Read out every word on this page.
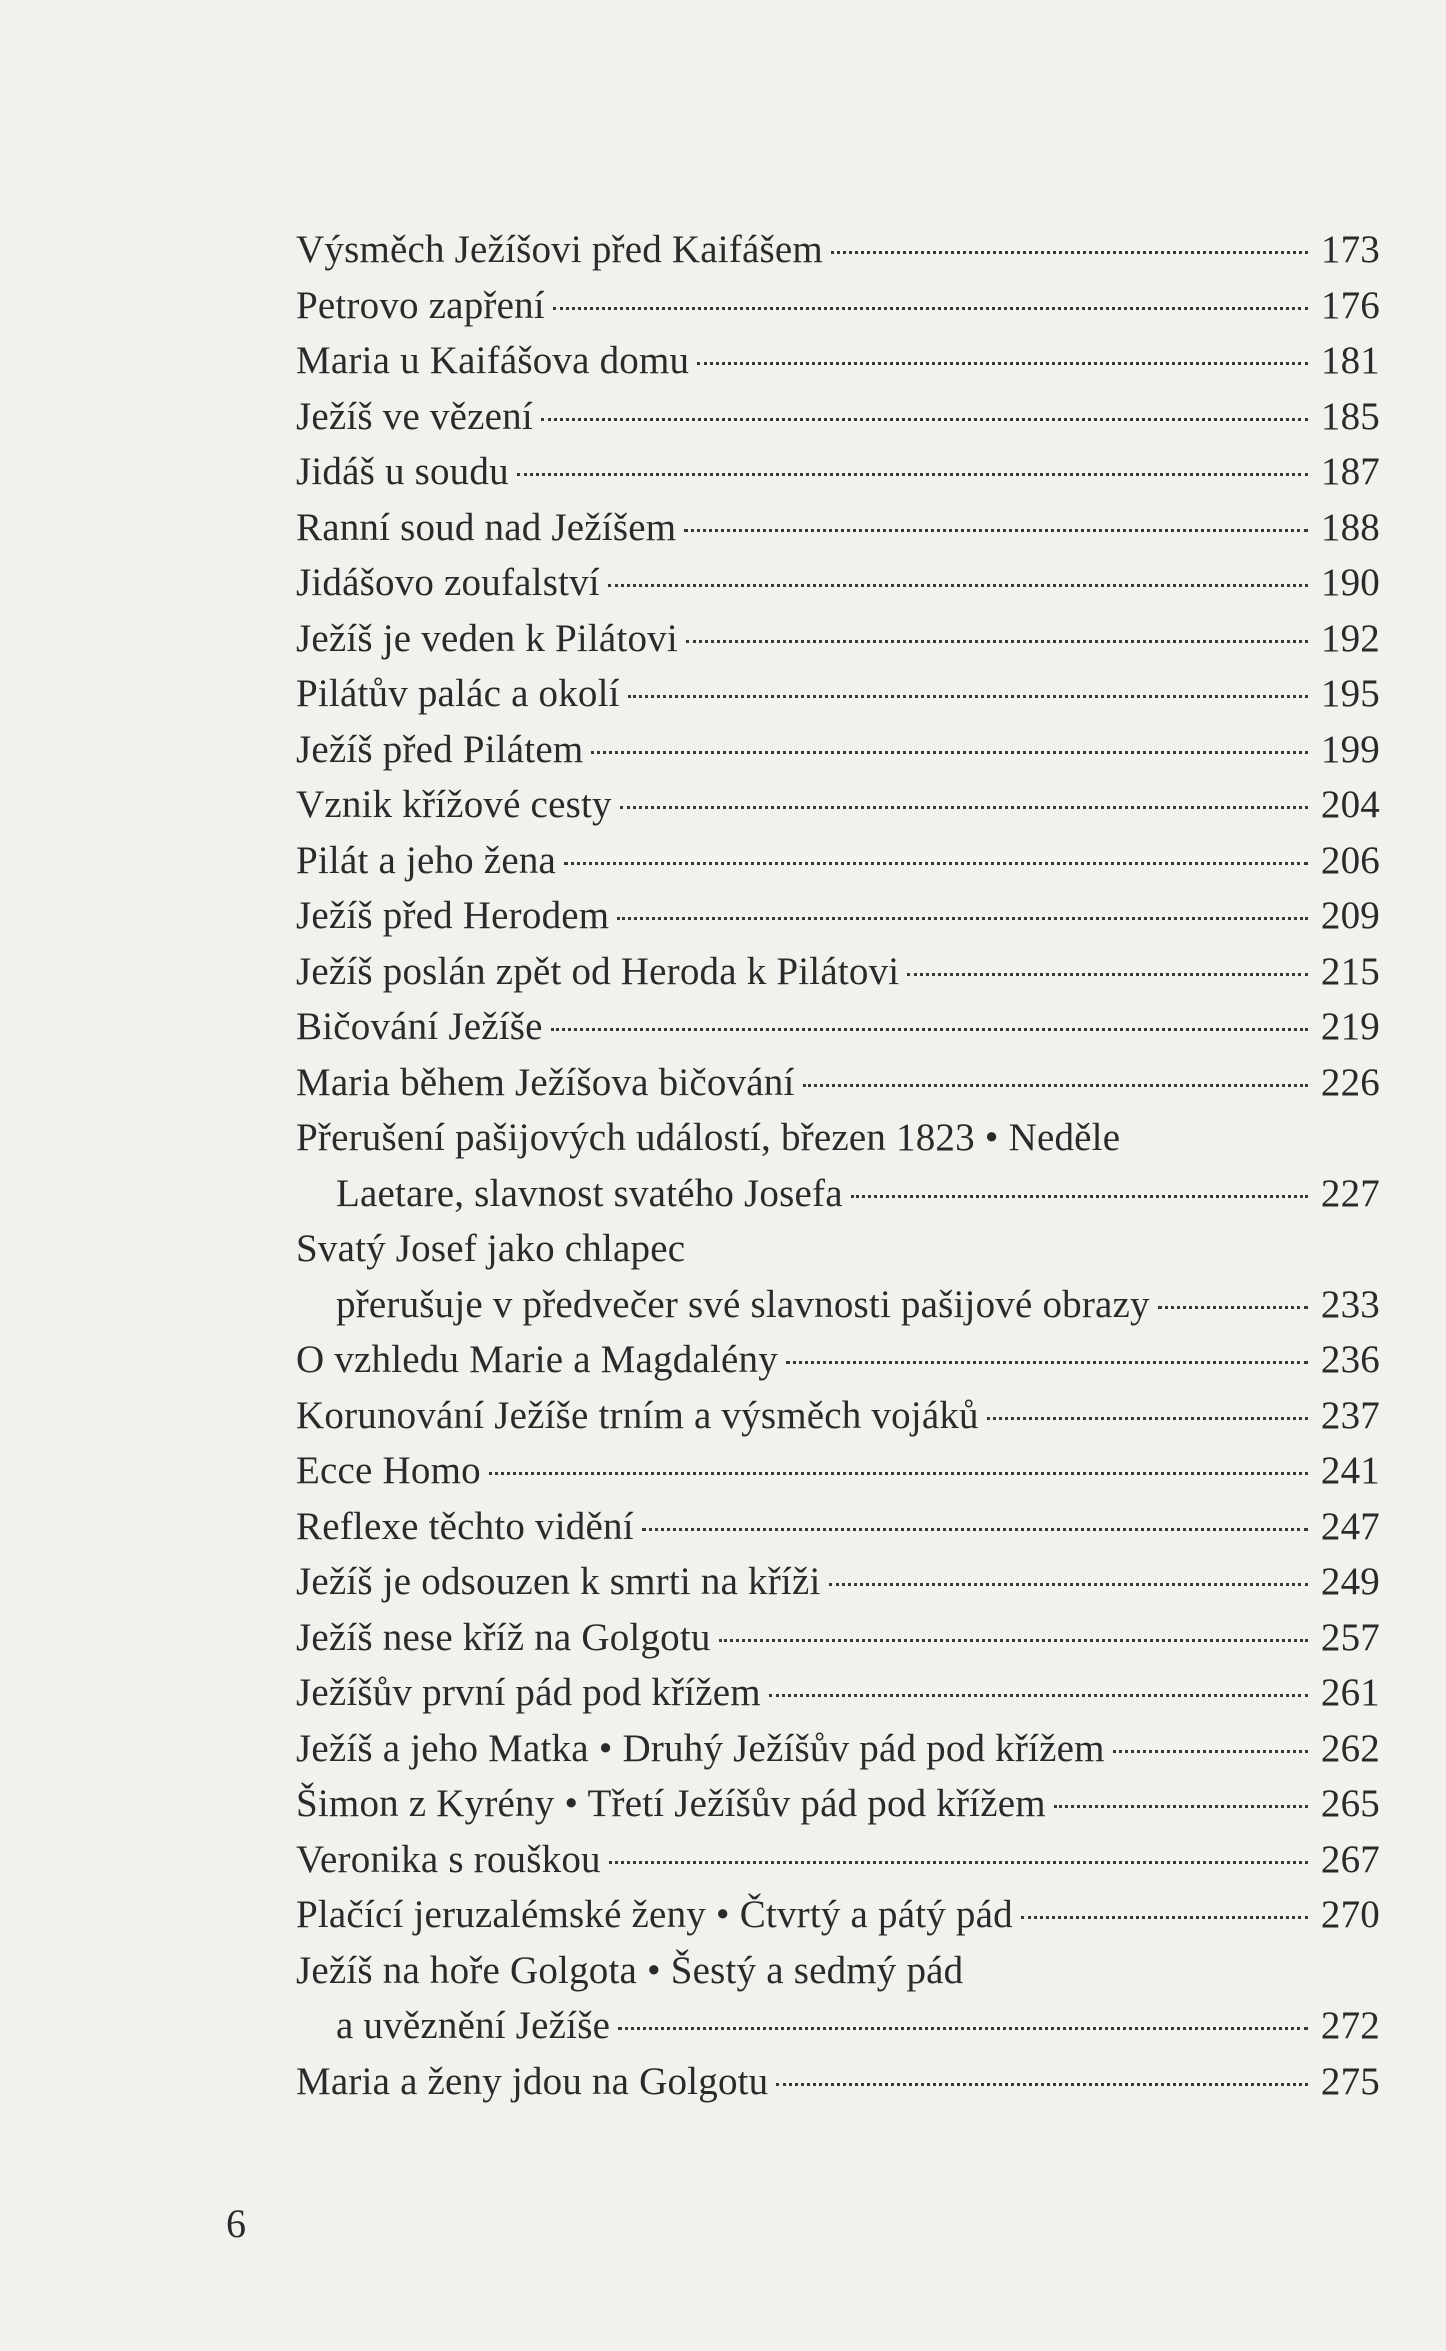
Výsměch Ježíšovi před Kaifášem	173
Petrovo zapření	176
Maria u Kaifášova domu	181
Ježíš ve vězení	185
Jidáš u soudu	187
Ranní soud nad Ježíšem	188
Jidášovo zoufalství	190
Ježíš je veden k Pilátovi	192
Pilátův palác a okolí	195
Ježíš před Pilátem	199
Vznik křížové cesty	204
Pilát a jeho žena	206
Ježíš před Herodem	209
Ježíš poslán zpět od Heroda k Pilátovi	215
Bičování Ježíše	219
Maria během Ježíšova bičování	226
Přerušení pašijových událostí, březen 1823 • Neděle
Laetare, slavnost svatého Josefa	227
Svatý Josef jako chlapec
přerušuje v předvečer své slavnosti pašijové obrazy	233
O vzhledu Marie a Magdalény	236
Korunování Ježíše trním a výsměch vojáků	237
Ecce Homo	241
Reflexe těchto vidění	247
Ježíš je odsouzen k smrti na kříži	249
Ježíš nese kříž na Golgotu	257
Ježíšův první pád pod křížem	261
Ježíš a jeho Matka • Druhý Ježíšův pád pod křížem	262
Šimon z Kyrény • Třetí Ježíšův pád pod křížem	265
Veronika s rouškou	267
Plačící jeruzalémské ženy • Čtvrtý a pátý pád	270
Ježíš na hoře Golgota • Šestý a sedmý pád
a uvěznění Ježíše	272
Maria a ženy jdou na Golgotu	275
6
